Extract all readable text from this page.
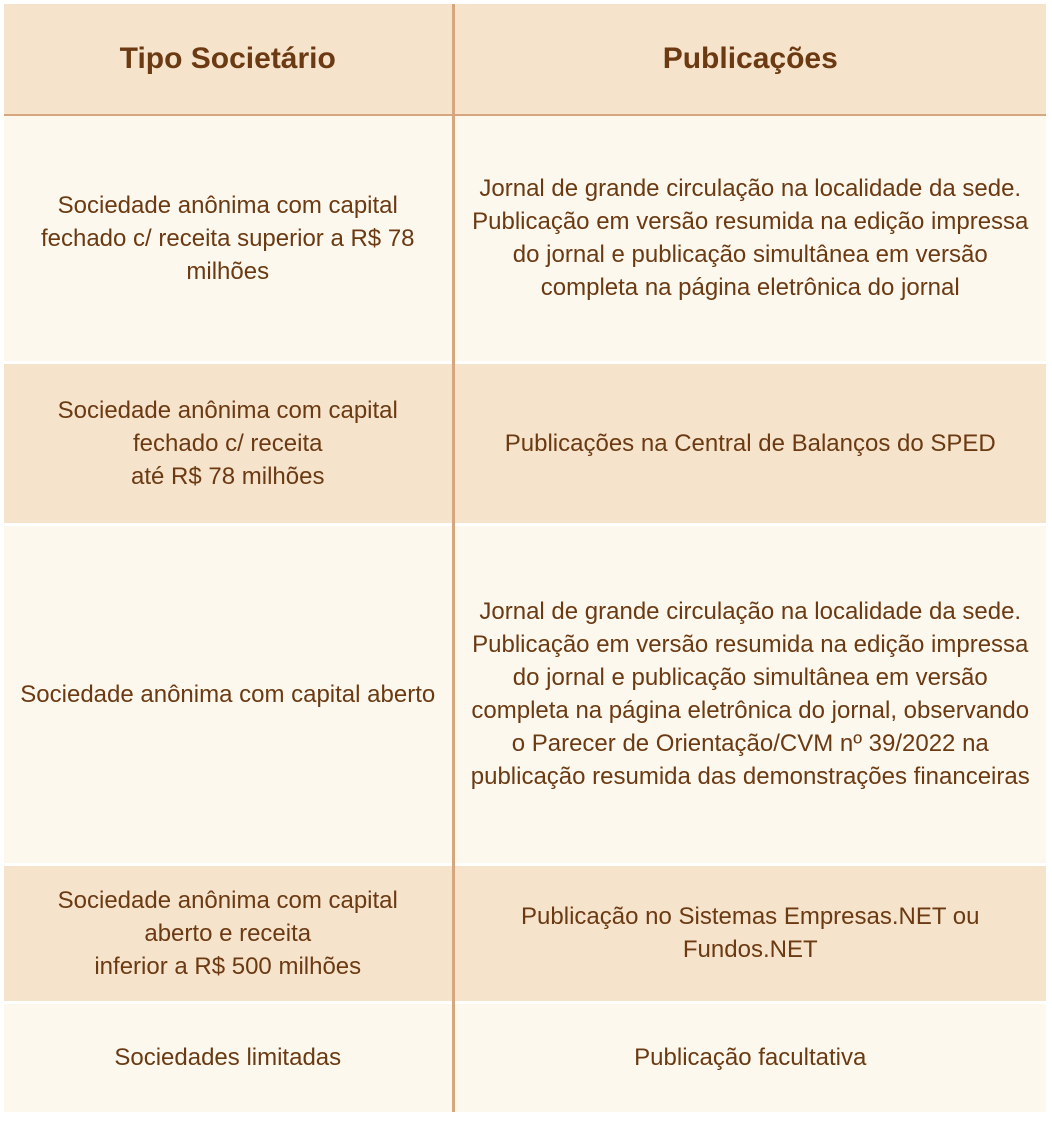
Tipo Societário	Publicações
Sociedade anônima com capital fechado c/ receita superior a R$ 78 milhões	Jornal de grande circulação na localidade da sede. Publicação em versão resumida na edição impressa do jornal e publicação simultânea em versão completa na página eletrônica do jornal

Sociedade anônima com capital
fechado c/ receita
até R$ 78 milhões	Publicações na Central de Balanços do SPED
Sociedade anônima com capital aberto	Jornal de grande circulação na localidade da sede. Publicação em versão resumida na edição impressa do jornal e publicação simultânea em versão completa na página eletrônica do jornal, observando o Parecer de Orientação/CVM nº 39/2022 na publicação resumida das demonstrações financeiras

Sociedade anônima com capital
aberto e receita
inferior a R$ 500 milhões	Publicação no Sistemas Empresas.NET ou Fundos.NET
Sociedades limitadas	Publicação facultativa
